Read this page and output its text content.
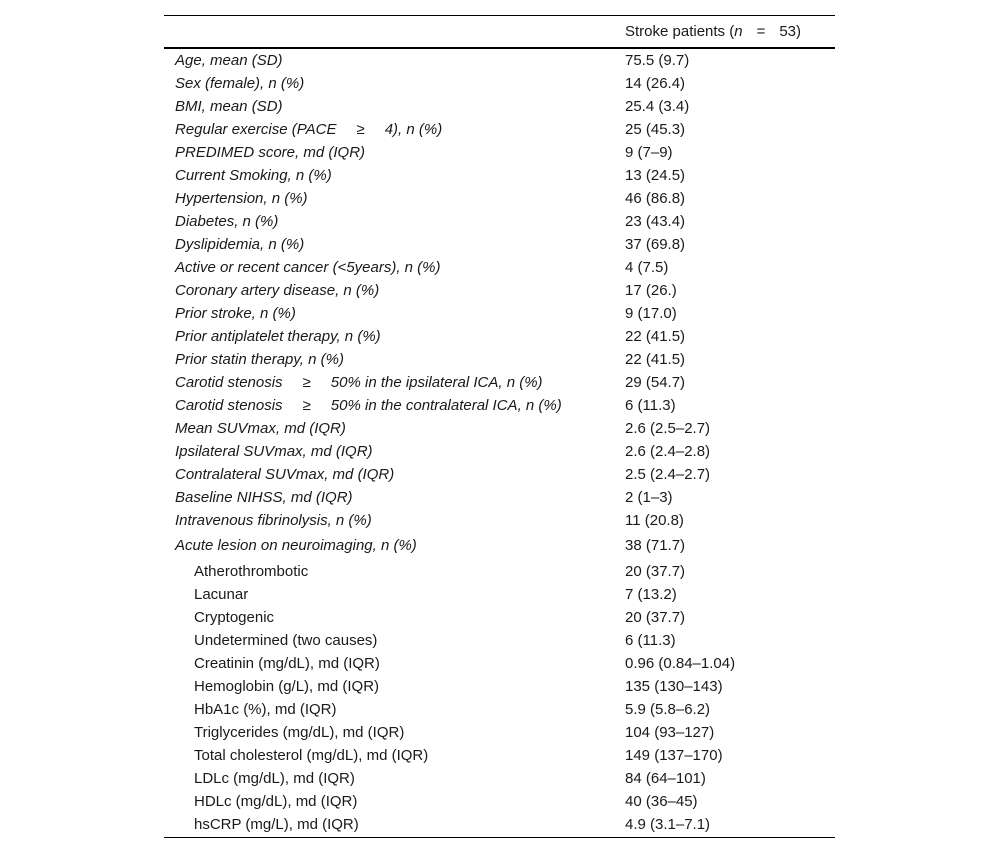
	Stroke patients (n = 53)
Age, mean (SD)	75.5 (9.7)
Sex (female), n (%)	14 (26.4)
BMI, mean (SD)	25.4 (3.4)
Regular exercise (PACE ≥ 4), n (%)	25 (45.3)
PREDIMED score, md (IQR)	9 (7–9)
Current Smoking, n (%)	13 (24.5)
Hypertension, n (%)	46 (86.8)
Diabetes, n (%)	23 (43.4)
Dyslipidemia, n (%)	37 (69.8)
Active or recent cancer (<5years), n (%)	4 (7.5)
Coronary artery disease, n (%)	17 (26.)
Prior stroke, n (%)	9 (17.0)
Prior antiplatelet therapy, n (%)	22 (41.5)
Prior statin therapy, n (%)	22 (41.5)
Carotid stenosis ≥ 50% in the ipsilateral ICA, n (%)	29 (54.7)
Carotid stenosis ≥ 50% in the contralateral ICA, n (%)	6 (11.3)
Mean SUVmax, md (IQR)	2.6 (2.5–2.7)
Ipsilateral SUVmax, md (IQR)	2.6 (2.4–2.8)
Contralateral SUVmax, md (IQR)	2.5 (2.4–2.7)
Baseline NIHSS, md (IQR)	2 (1–3)
Intravenous fibrinolysis, n (%)	11 (20.8)
Acute lesion on neuroimaging, n (%)	38 (71.7)
Atherothrombotic	20 (37.7)
Lacunar	7 (13.2)
Cryptogenic	20 (37.7)
Undetermined (two causes)	6 (11.3)
Creatinin (mg/dL), md (IQR)	0.96 (0.84–1.04)
Hemoglobin (g/L), md (IQR)	135 (130–143)
HbA1c (%), md (IQR)	5.9 (5.8–6.2)
Triglycerides (mg/dL), md (IQR)	104 (93–127)
Total cholesterol (mg/dL), md (IQR)	149 (137–170)
LDLc (mg/dL), md (IQR)	84 (64–101)
HDLc (mg/dL), md (IQR)	40 (36–45)
hsCRP (mg/L), md (IQR)	4.9 (3.1–7.1)
